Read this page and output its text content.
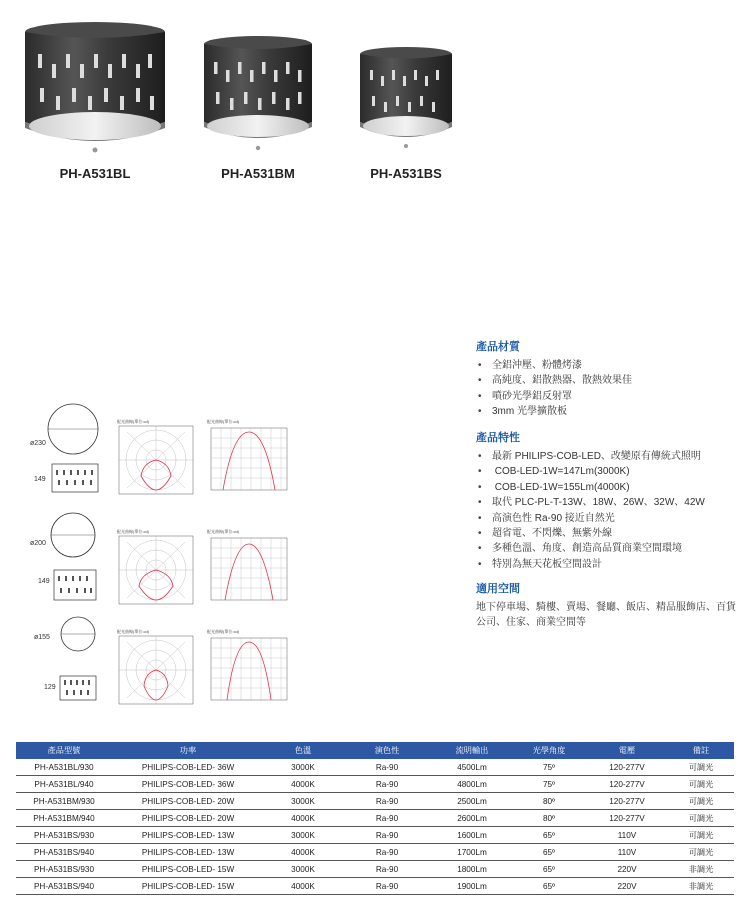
PH-A531BL	PH-A531BM	PH-A531BS
產品材質
• 全鋁沖壓、粉體烤漆
• 高純度、鋁散熱器、散熱效果佳
• 噴砂光學鋁反射罩
• 3mm 光學擴散板
產品特性
• 最新 PHILIPS-COB-LED、改變原有傳統式照明
• COB-LED-1W=147Lm(3000K)
• COB-LED-1W=155Lm(4000K)
• 取代 PLC-PL-T-13W、18W、26W、32W、42W
• 高演色性 Ra-90 接近自然光
• 超省電、不閃爍、無紫外線
• 多種色溫、角度、創造高品質商業空間環境
• 特別為無天花板空間設計
適用空間

地下停車場、騎樓、賣場、餐廳、飯店、精品服飾店、百貨公司、住家、商業空間等

ø230
149
配光曲線(單位:cd)	配光曲線(單位:cd)
ø200
149
配光曲線(單位:cd)	配光曲線(單位:cd)
ø155
129
配光曲線(單位:cd)	配光曲線(單位:cd)
產品型號	功率	色溫	演色性	流明輸出	光學角度	電壓	備註
PH-A531BL/930	PHILIPS-COB-LED- 36W	3000K	Ra-90	4500Lm	75º	120-277V	可調光
PH-A531BL/940	PHILIPS-COB-LED- 36W	4000K	Ra-90	4800Lm	75º	120-277V	可調光
PH-A531BM/930	PHILIPS-COB-LED- 20W	3000K	Ra-90	2500Lm	80º	120-277V	可調光
PH-A531BM/940	PHILIPS-COB-LED- 20W	4000K	Ra-90	2600Lm	80º	120-277V	可調光
PH-A531BS/930	PHILIPS-COB-LED- 13W	3000K	Ra-90	1600Lm	65º	110V	可調光
PH-A531BS/940	PHILIPS-COB-LED- 13W	4000K	Ra-90	1700Lm	65º	110V	可調光
PH-A531BS/930	PHILIPS-COB-LED- 15W	3000K	Ra-90	1800Lm	65º	220V	非調光
PH-A531BS/940	PHILIPS-COB-LED- 15W	4000K	Ra-90	1900Lm	65º	220V	非調光
